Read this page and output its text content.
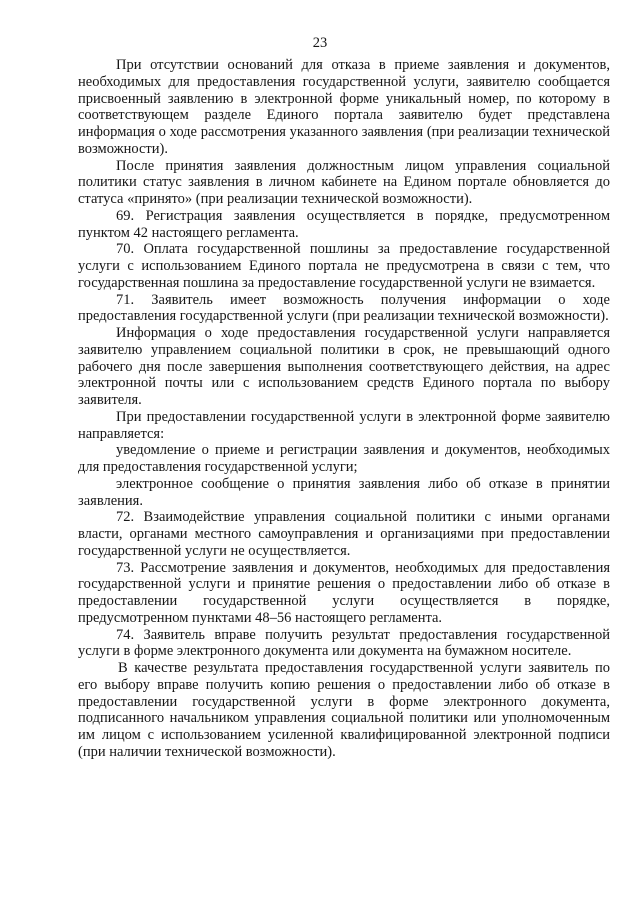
23

При отсутствии оснований для отказа в приеме заявления и документов, необходимых для предоставления государственной услуги, заявителю сообщается присвоенный заявлению в электронной форме уникальный номер, по которому в соответствующем разделе Единого портала заявителю будет представлена информация о ходе рассмотрения указанного заявления (при реализации технической возможности).

После принятия заявления должностным лицом управления социальной политики статус заявления в личном кабинете на Едином портале обновляется до статуса «принято» (при реализации технической возможности).

69. Регистрация заявления осуществляется в порядке, предусмотренном пунктом 42 настоящего регламента.

70. Оплата государственной пошлины за предоставление государственной услуги с использованием Единого портала не предусмотрена в связи с тем, что государственная пошлина за предоставление государственной услуги не взимается.

71. Заявитель имеет возможность получения информации о ходе предоставления государственной услуги (при реализации технической возможности).

Информация о ходе предоставления государственной услуги направляется заявителю управлением социальной политики в срок, не превышающий одного рабочего дня после завершения выполнения соответствующего действия, на адрес электронной почты или с использованием средств Единого портала по выбору заявителя.

При предоставлении государственной услуги в электронной форме заявителю направляется:

уведомление о приеме и регистрации заявления и документов, необходимых для предоставления государственной услуги;

электронное сообщение о принятия заявления либо об отказе в принятии заявления.

72. Взаимодействие управления социальной политики с иными органами власти, органами местного самоуправления и организациями при предоставлении государственной услуги не осуществляется.

73. Рассмотрение заявления и документов, необходимых для предоставления государственной услуги и принятие решения о предоставлении либо об отказе в предоставлении государственной услуги осуществляется в порядке, предусмотренном пунктами 48–56 настоящего регламента.

74. Заявитель вправе получить результат предоставления государственной услуги в форме электронного документа или документа на бумажном носителе.

В качестве результата предоставления государственной услуги заявитель по его выбору вправе получить копию решения о предоставлении либо об отказе в предоставлении государственной услуги в форме электронного документа, подписанного начальником управления социальной политики или уполномоченным им лицом с использованием усиленной квалифицированной электронной подписи (при наличии технической возможности).
